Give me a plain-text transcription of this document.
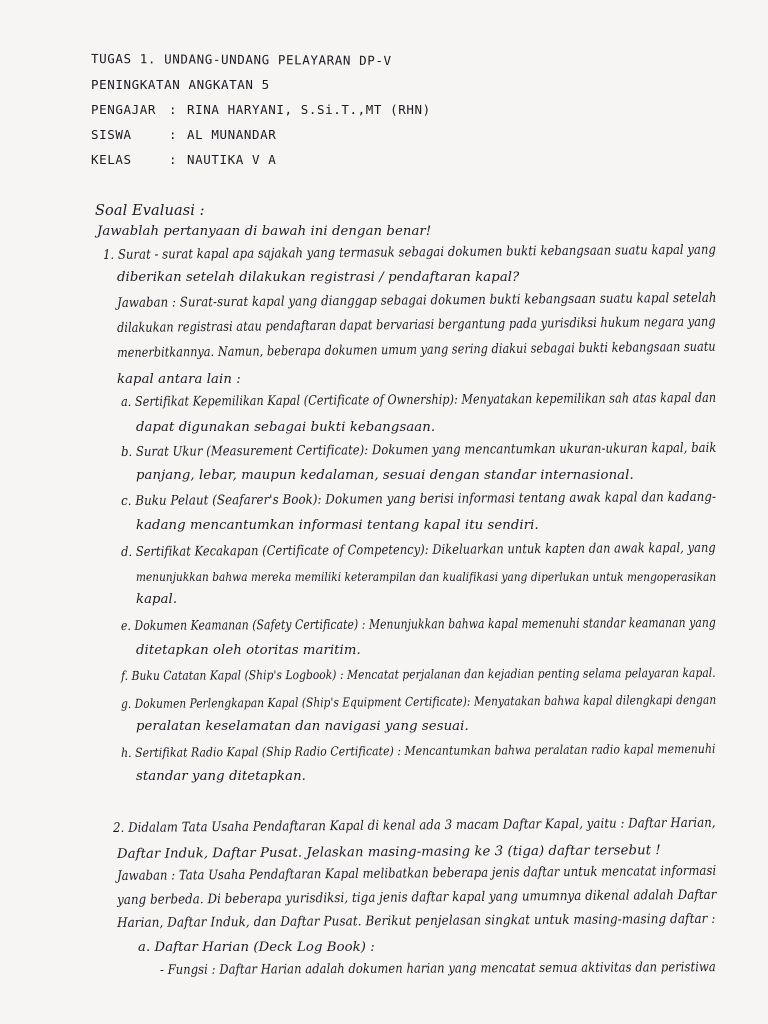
TUGAS 1. UNDANG-UNDANG PELAYARAN DP-V
PENINGKATAN ANGKATAN 5
PENGAJAR : RINA HARYANI, S.Si.T.,MT (RHN)
SISWA	: AL MUNANDAR
KELAS	: NAUTIKA V A
Soal Evaluasi :
Jawablah pertanyaan di bawah ini dengan benar!
1. Surat - surat kapal apa sajakah yang termasuk sebagai dokumen bukti kebangsaan suatu kapal yang
diberikan setelah dilakukan registrasi / pendaftaran kapal?
Jawaban : Surat-surat kapal yang dianggap sebagai dokumen bukti kebangsaan suatu kapal setelah
dilakukan registrasi atau pendaftaran dapat bervariasi bergantung pada yurisdiksi hukum negara yang
menerbitkannya. Namun, beberapa dokumen umum yang sering diakui sebagai bukti kebangsaan suatu
kapal antara lain :
a. Sertifikat Kepemilikan Kapal (Certificate of Ownership): Menyatakan kepemilikan sah atas kapal dan
dapat digunakan sebagai bukti kebangsaan.
b. Surat Ukur (Measurement Certificate): Dokumen yang mencantumkan ukuran-ukuran kapal, baik
panjang, lebar, maupun kedalaman, sesuai dengan standar internasional.
c. Buku Pelaut (Seafarer's Book): Dokumen yang berisi informasi tentang awak kapal dan kadang-
kadang mencantumkan informasi tentang kapal itu sendiri.
d. Sertifikat Kecakapan (Certificate of Competency): Dikeluarkan untuk kapten dan awak kapal, yang
menunjukkan bahwa mereka memiliki keterampilan dan kualifikasi yang diperlukan untuk mengoperasikan
kapal.
e. Dokumen Keamanan (Safety Certificate) : Menunjukkan bahwa kapal memenuhi standar keamanan yang
ditetapkan oleh otoritas maritim.
f. Buku Catatan Kapal (Ship's Logbook) : Mencatat perjalanan dan kejadian penting selama pelayaran kapal.
g. Dokumen Perlengkapan Kapal (Ship's Equipment Certificate): Menyatakan bahwa kapal dilengkapi dengan
peralatan keselamatan dan navigasi yang sesuai.
h. Sertifikat Radio Kapal (Ship Radio Certificate) : Mencantumkan bahwa peralatan radio kapal memenuhi
standar yang ditetapkan.
2. Didalam Tata Usaha Pendaftaran Kapal di kenal ada 3 macam Daftar Kapal, yaitu : Daftar Harian,
Daftar Induk, Daftar Pusat. Jelaskan masing-masing ke 3 (tiga) daftar tersebut !
Jawaban : Tata Usaha Pendaftaran Kapal melibatkan beberapa jenis daftar untuk mencatat informasi
yang berbeda. Di beberapa yurisdiksi, tiga jenis daftar kapal yang umumnya dikenal adalah Daftar
Harian, Daftar Induk, dan Daftar Pusat. Berikut penjelasan singkat untuk masing-masing daftar :
a. Daftar Harian (Deck Log Book) :
- Fungsi : Daftar Harian adalah dokumen harian yang mencatat semua aktivitas dan peristiwa
